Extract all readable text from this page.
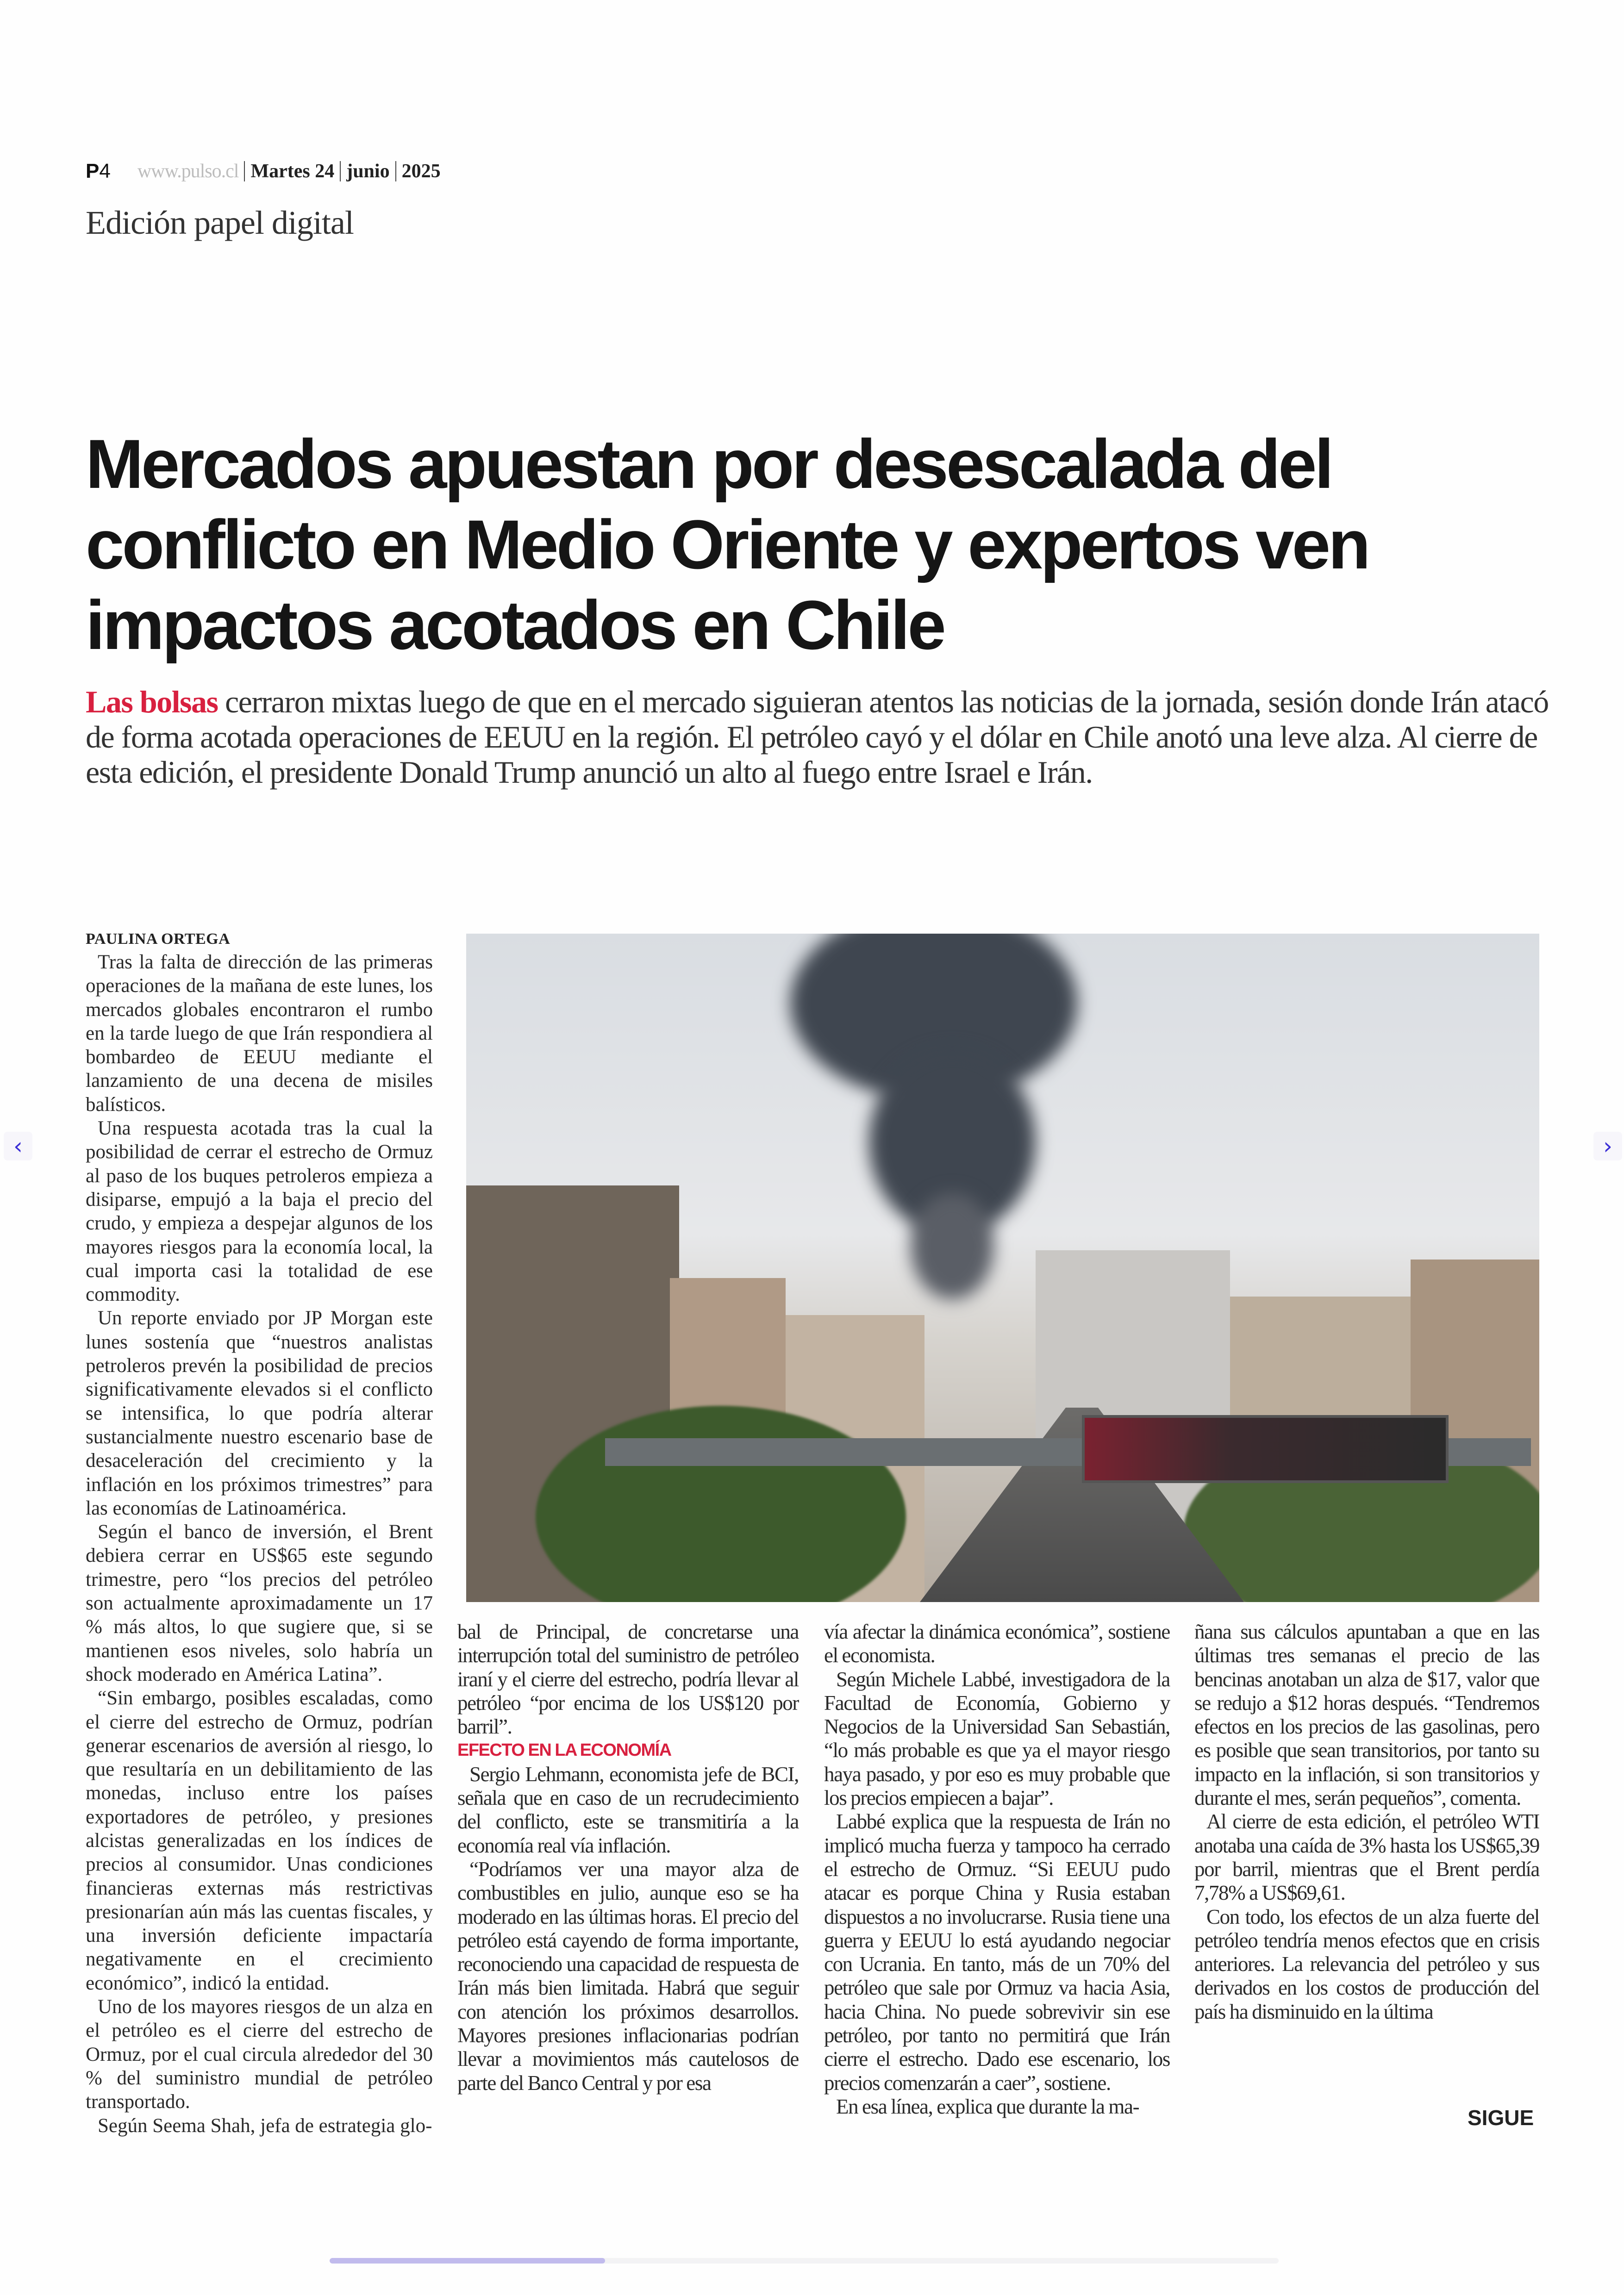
P4 www.pulso.cl Martes 24 junio 2025
Edición papel digital
Mercados apuestan por desescalada del
conflicto en Medio Oriente y expertos ven
impactos acotados en Chile

Las bolsas cerraron mixtas luego de que en el mercado siguieran atentos las noticias de la jornada, sesión donde Irán atacó de forma acotada operaciones de EEUU en la región. El petróleo cayó y el dólar en Chile anotó una leve alza. Al cierre de esta edición, el presidente Donald Trump anunció un alto al fuego entre Israel e Irán.

PAULINA ORTEGA

Tras la falta de dirección de las primeras operaciones de la mañana de este lunes, los mercados globales encontraron el rumbo en la tarde luego de que Irán respondiera al bombardeo de EEUU mediante el lanzamiento de una decena de misiles balísticos.

Una respuesta acotada tras la cual la posibilidad de cerrar el estrecho de Ormuz al paso de los buques petroleros empieza a disiparse, empujó a la baja el precio del crudo, y empieza a despejar algunos de los mayores riesgos para la economía local, la cual importa casi la totalidad de ese commodity.

Un reporte enviado por JP Morgan este lunes sostenía que “nuestros analistas petroleros prevén la posibilidad de precios significativamente elevados si el conflicto se intensifica, lo que podría alterar sustancialmente nuestro escenario base de desaceleración del crecimiento y la inflación en los próximos trimestres” para las economías de Latinoamérica.

Según el banco de inversión, el Brent debiera cerrar en US$65 este segundo trimestre, pero “los precios del petróleo son actualmente aproximadamente un 17 % más altos, lo que sugiere que, si se mantienen esos niveles, solo habría un shock moderado en América Latina”.

“Sin embargo, posibles escaladas, como el cierre del estrecho de Ormuz, podrían generar escenarios de aversión al riesgo, lo que resultaría en un debilitamiento de las monedas, incluso entre los países exportadores de petróleo, y presiones alcistas generalizadas en los índices de precios al consumidor. Unas condiciones financieras externas más restrictivas presionarían aún más las cuentas fiscales, y una inversión deficiente impactaría negativamente en el crecimiento económico”, indicó la entidad.

Uno de los mayores riesgos de un alza en el petróleo es el cierre del estrecho de Ormuz, por el cual circula alrededor del 30 % del suministro mundial de petróleo transportado.

Según Seema Shah, jefa de estrategia glo-

bal de Principal, de concretarse una interrupción total del suministro de petróleo iraní y el cierre del estrecho, podría llevar al petróleo “por encima de los US$120 por barril”.

EFECTO EN LA ECONOMÍA

Sergio Lehmann, economista jefe de BCI, señala que en caso de un recrudecimiento del conflicto, este se transmitiría a la economía real vía inflación.

“Podríamos ver una mayor alza de combustibles en julio, aunque eso se ha moderado en las últimas horas. El precio del petróleo está cayendo de forma importante, reconociendo una capacidad de respuesta de Irán más bien limitada. Habrá que seguir con atención los próximos desarrollos. Mayores presiones inflacionarias podrían llevar a movimientos más cautelosos de parte del Banco Central y por esa

vía afectar la dinámica económica”, sostiene el economista.

Según Michele Labbé, investigadora de la Facultad de Economía, Gobierno y Negocios de la Universidad San Sebastián, “lo más probable es que ya el mayor riesgo haya pasado, y por eso es muy probable que los precios empiecen a bajar”.

Labbé explica que la respuesta de Irán no implicó mucha fuerza y tampoco ha cerrado el estrecho de Ormuz. “Si EEUU pudo atacar es porque China y Rusia estaban dispuestos a no involucrarse. Rusia tiene una guerra y EEUU lo está ayudando negociar con Ucrania. En tanto, más de un 70% del petróleo que sale por Ormuz va hacia Asia, hacia China. No puede sobrevivir sin ese petróleo, por tanto no permitirá que Irán cierre el estrecho. Dado ese escenario, los precios comenzarán a caer”, sostiene.

En esa línea, explica que durante la ma-

ñana sus cálculos apuntaban a que en las últimas tres semanas el precio de las bencinas anotaban un alza de $17, valor que se redujo a $12 horas después. “Tendremos efectos en los precios de las gasolinas, pero es posible que sean transitorios, por tanto su impacto en la inflación, si son transitorios y durante el mes, serán pequeños”, comenta.

Al cierre de esta edición, el petróleo WTI anotaba una caída de 3% hasta los US$65,39 por barril, mientras que el Brent perdía 7,78% a US$69,61.

Con todo, los efectos de un alza fuerte del petróleo tendría menos efectos que en crisis anteriores. La relevancia del petróleo y sus derivados en los costos de producción del país ha disminuido en la última

SIGUE
‹	›
